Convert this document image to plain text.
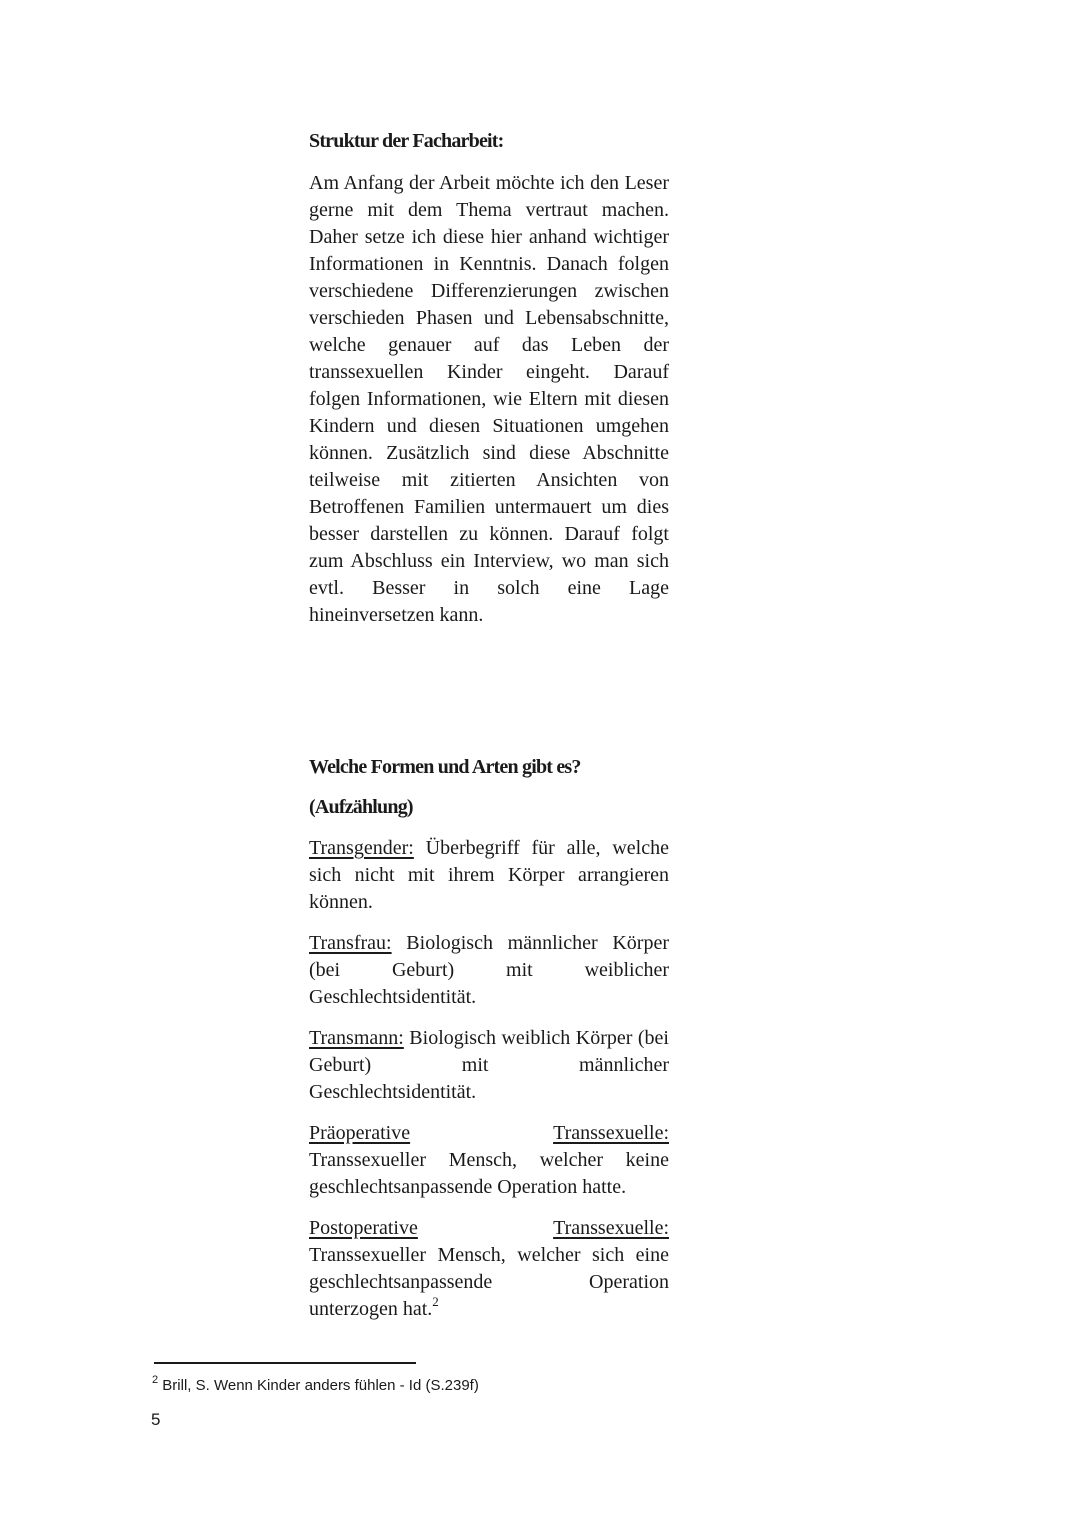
Struktur der Facharbeit:

Am Anfang der Arbeit möchte ich den Leser gerne mit dem Thema vertraut machen. Daher setze ich diese hier anhand wichtiger Informationen in Kenntnis. Danach folgen verschiedene Differenzierungen zwischen verschieden Phasen und Lebensabschnitte, welche genauer auf das Leben der transsexuellen Kinder eingeht. Darauf folgen Informationen, wie Eltern mit diesen Kindern und diesen Situationen umgehen können. Zusätzlich sind diese Abschnitte teilweise mit zitierten Ansichten von Betroffenen Familien untermauert um dies besser darstellen zu können. Darauf folgt zum Abschluss ein Interview, wo man sich evtl. Besser in solch eine Lage hineinversetzen kann.

Welche Formen und Arten gibt es?
(Aufzählung)

Transgender: Überbegriff für alle, welche sich nicht mit ihrem Körper arrangieren können.

Transfrau: Biologisch männlicher Körper (bei Geburt) mit weiblicher Geschlechtsidentität.

Transmann: Biologisch weiblich Körper (bei Geburt) mit männlicher Geschlechtsidentität.

Präoperative	Transsexuelle:
Transsexueller Mensch, welcher keine geschlechtsanpassende Operation hatte.
Postoperative	Transsexuelle:
Transsexueller Mensch, welcher sich eine geschlechtsanpassende Operation unterzogen hat.$^2$
$^2$ Brill, S. Wenn Kinder anders fühlen - Id (S.239f)
5
